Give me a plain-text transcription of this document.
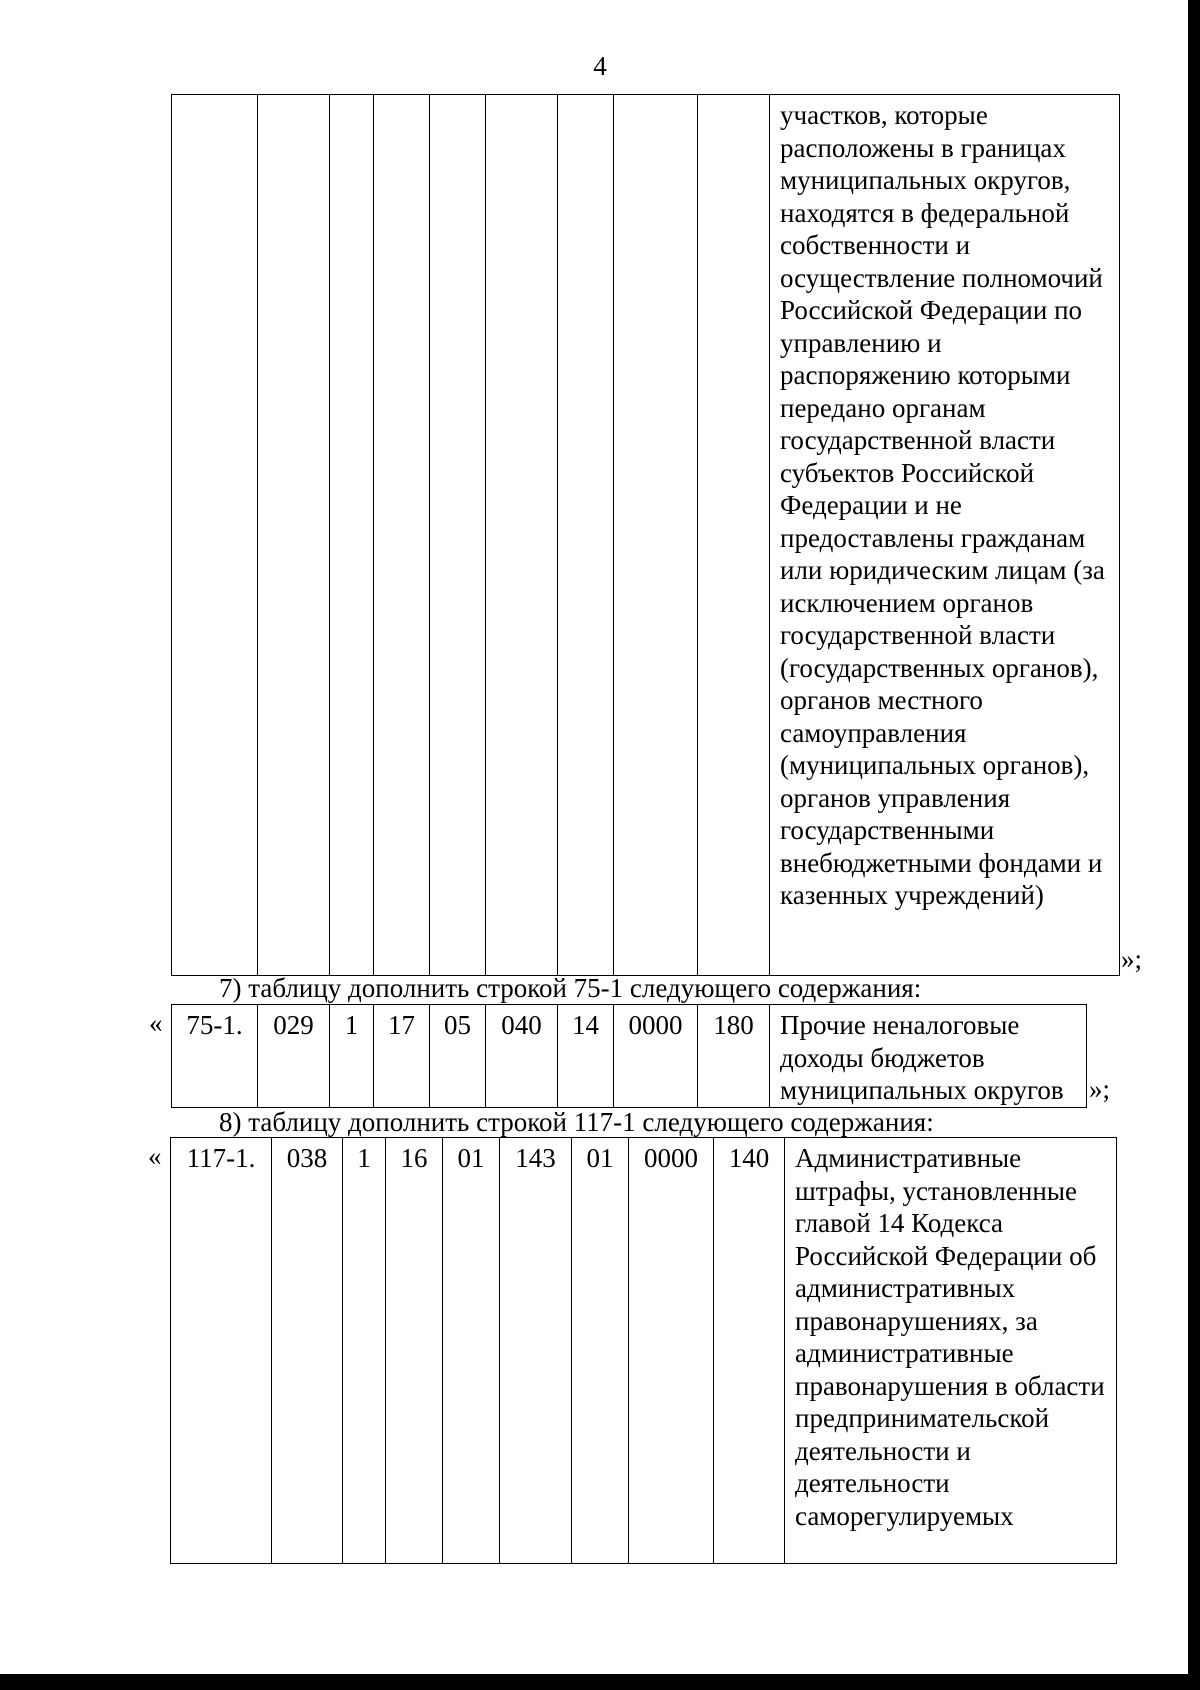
4
									участков, которые расположены в границах муниципальных округов, находятся в федеральной собственности и осуществление полномочий Российской Федерации по управлению и распоряжению которыми передано органам государственной власти субъектов Российской Федерации и не предоставлены гражданам или юридическим лицам (за исключением органов государственной власти (государственных органов), органов местного самоуправления (муниципальных органов), органов управления государственными внебюджетными фондами и казенных учреждений)
»;
7) таблицу дополнить строкой 75-1 следующего содержания:
« 75-1.	029	1	17	05	040	14	0000	180	Прочие неналоговые доходы бюджетов муниципальных округов »;
8) таблицу дополнить строкой 117-1 следующего содержания:
« 117-1.	038	1	16	01	143	01	0000	140	Административные штрафы, установленные главой 14 Кодекса Российской Федерации об административных правонарушениях, за административные правонарушения в области предпринимательской деятельности и деятельности саморегулируемых
